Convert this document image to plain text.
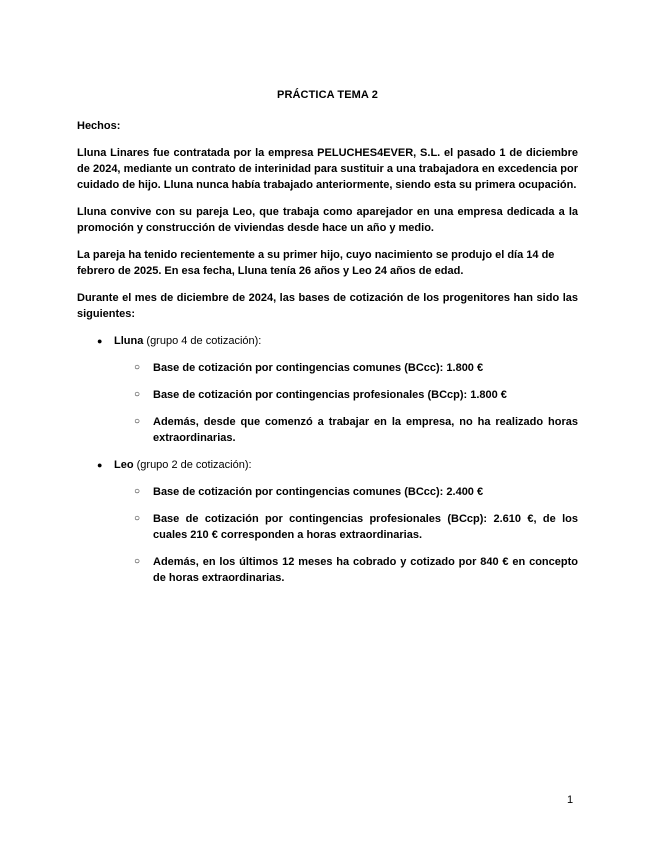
PRÁCTICA TEMA 2

Hechos:

Lluna Linares fue contratada por la empresa PELUCHES4EVER, S.L. el pasado 1 de diciembre de 2024, mediante un contrato de interinidad para sustituir a una trabajadora en excedencia por cuidado de hijo. Lluna nunca había trabajado anteriormente, siendo esta su primera ocupación.

Lluna convive con su pareja Leo, que trabaja como aparejador en una empresa dedicada a la promoción y construcción de viviendas desde hace un año y medio.

La pareja ha tenido recientemente a su primer hijo, cuyo nacimiento se produjo el día 14 de febrero de 2025. En esa fecha, Lluna tenía 26 años y Leo 24 años de edad.

Durante el mes de diciembre de 2024, las bases de cotización de los progenitores han sido las siguientes:

● Lluna (grupo 4 de cotización):
○ Base de cotización por contingencias comunes (BCcc): 1.800 €
○ Base de cotización por contingencias profesionales (BCcp): 1.800 €
○ Además, desde que comenzó a trabajar en la empresa, no ha realizado horas extraordinarias.
● Leo (grupo 2 de cotización):
○ Base de cotización por contingencias comunes (BCcc): 2.400 €
○ Base de cotización por contingencias profesionales (BCcp): 2.610 €, de los cuales 210 € corresponden a horas extraordinarias.
○ Además, en los últimos 12 meses ha cobrado y cotizado por 840 € en concepto de horas extraordinarias.
1
